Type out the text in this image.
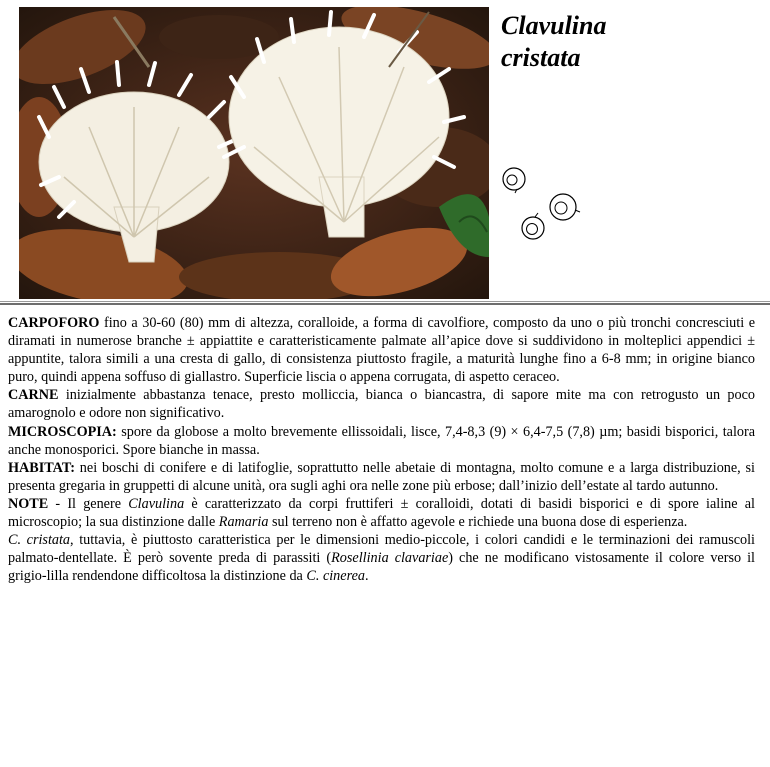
Clavulina
cristata

CARPOFORO fino a 30-60 (80) mm di altezza, coralloide, a forma di cavolfiore, composto da uno o più tronchi concresciuti e diramati in numerose branche ± appiattite e caratteristicamente palmate all’apice dove si suddividono in molteplici appendici ± appuntite, talora simili a una cresta di gallo, di consistenza piuttosto fragile, a maturità lunghe fino a 6-8 mm; in origine bianco puro, quindi appena soffuso di giallastro. Superficie liscia o appena corrugata, di aspetto ceraceo.

CARNE inizialmente abbastanza tenace, presto molliccia, bianca o biancastra, di sapore mite ma con retrogusto un poco amarognolo e odore non significativo.

MICROSCOPIA: spore da globose a molto brevemente ellissoidali, lisce, 7,4-8,3 (9) × 6,4-7,5 (7,8) µm; basidi bisporici, talora anche monosporici. Spore bianche in massa.

HABITAT: nei boschi di conifere e di latifoglie, soprattutto nelle abetaie di montagna, molto comune e a larga distribuzione, si presenta gregaria in gruppetti di alcune unità, ora sugli aghi ora nelle zone più erbose; dall’inizio dell’estate al tardo autunno.

NOTE - Il genere Clavulina è caratterizzato da corpi fruttiferi ± coralloidi, dotati di basidi bisporici e di spore ialine al microscopio; la sua distinzione dalle Ramaria sul terreno non è affatto agevole e richiede una buona dose di esperienza.

C. cristata, tuttavia, è piuttosto caratteristica per le dimensioni medio-piccole, i colori candidi e le terminazioni dei ramuscoli palmato-dentellate. È però sovente preda di parassiti (Rosellinia clavariae) che ne modificano vistosamente il colore verso il grigio-lilla rendendone difficoltosa la distinzione da C. cinerea.
